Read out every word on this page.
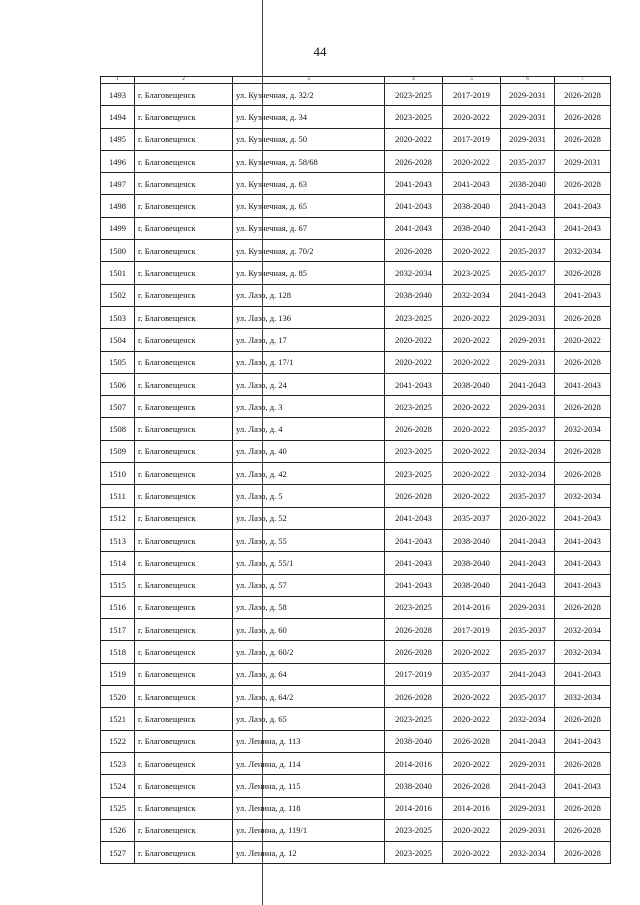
44
1	2	3	4	5	6	7
1493	г. Благовещенск	ул. Кузнечная, д. 32/2	2023-2025	2017-2019	2029-2031	2026-2028
1494	г. Благовещенск	ул. Кузнечная, д. 34	2023-2025	2020-2022	2029-2031	2026-2028
1495	г. Благовещенск	ул. Кузнечная, д. 50	2020-2022	2017-2019	2029-2031	2026-2028
1496	г. Благовещенск	ул. Кузнечная, д. 58/68	2026-2028	2020-2022	2035-2037	2029-2031
1497	г. Благовещенск	ул. Кузнечная, д. 63	2041-2043	2041-2043	2038-2040	2026-2028
1498	г. Благовещенск	ул. Кузнечная, д. 65	2041-2043	2038-2040	2041-2043	2041-2043
1499	г. Благовещенск	ул. Кузнечная, д. 67	2041-2043	2038-2040	2041-2043	2041-2043
1500	г. Благовещенск	ул. Кузнечная, д. 70/2	2026-2028	2020-2022	2035-2037	2032-2034
1501	г. Благовещенск	ул. Кузнечная, д. 85	2032-2034	2023-2025	2035-2037	2026-2028
1502	г. Благовещенск	ул. Лазо, д. 128	2038-2040	2032-2034	2041-2043	2041-2043
1503	г. Благовещенск	ул. Лазо, д. 136	2023-2025	2020-2022	2029-2031	2026-2028
1504	г. Благовещенск	ул. Лазо, д. 17	2020-2022	2020-2022	2029-2031	2020-2022
1505	г. Благовещенск	ул. Лазо, д. 17/1	2020-2022	2020-2022	2029-2031	2026-2028
1506	г. Благовещенск	ул. Лазо, д. 24	2041-2043	2038-2040	2041-2043	2041-2043
1507	г. Благовещенск	ул. Лазо, д. 3	2023-2025	2020-2022	2029-2031	2026-2028
1508	г. Благовещенск	ул. Лазо, д. 4	2026-2028	2020-2022	2035-2037	2032-2034
1509	г. Благовещенск	ул. Лазо, д. 40	2023-2025	2020-2022	2032-2034	2026-2028
1510	г. Благовещенск	ул. Лазо, д. 42	2023-2025	2020-2022	2032-2034	2026-2028
1511	г. Благовещенск	ул. Лазо, д. 5	2026-2028	2020-2022	2035-2037	2032-2034
1512	г. Благовещенск	ул. Лазо, д. 52	2041-2043	2035-2037	2020-2022	2041-2043
1513	г. Благовещенск	ул. Лазо, д. 55	2041-2043	2038-2040	2041-2043	2041-2043
1514	г. Благовещенск	ул. Лазо, д. 55/1	2041-2043	2038-2040	2041-2043	2041-2043
1515	г. Благовещенск	ул. Лазо, д. 57	2041-2043	2038-2040	2041-2043	2041-2043
1516	г. Благовещенск	ул. Лазо, д. 58	2023-2025	2014-2016	2029-2031	2026-2028
1517	г. Благовещенск	ул. Лазо, д. 60	2026-2028	2017-2019	2035-2037	2032-2034
1518	г. Благовещенск	ул. Лазо, д. 60/2	2026-2028	2020-2022	2035-2037	2032-2034
1519	г. Благовещенск	ул. Лазо, д. 64	2017-2019	2035-2037	2041-2043	2041-2043
1520	г. Благовещенск	ул. Лазо, д. 64/2	2026-2028	2020-2022	2035-2037	2032-2034
1521	г. Благовещенск	ул. Лазо, д. 65	2023-2025	2020-2022	2032-2034	2026-2028
1522	г. Благовещенск	ул. Ленина, д. 113	2038-2040	2026-2028	2041-2043	2041-2043
1523	г. Благовещенск	ул. Ленина, д. 114	2014-2016	2020-2022	2029-2031	2026-2028
1524	г. Благовещенск	ул. Ленина, д. 115	2038-2040	2026-2028	2041-2043	2041-2043
1525	г. Благовещенск	ул. Ленина, д. 118	2014-2016	2014-2016	2029-2031	2026-2028
1526	г. Благовещенск	ул. Ленина, д. 119/1	2023-2025	2020-2022	2029-2031	2026-2028
1527	г. Благовещенск	ул. Ленина, д. 12	2023-2025	2020-2022	2032-2034	2026-2028
